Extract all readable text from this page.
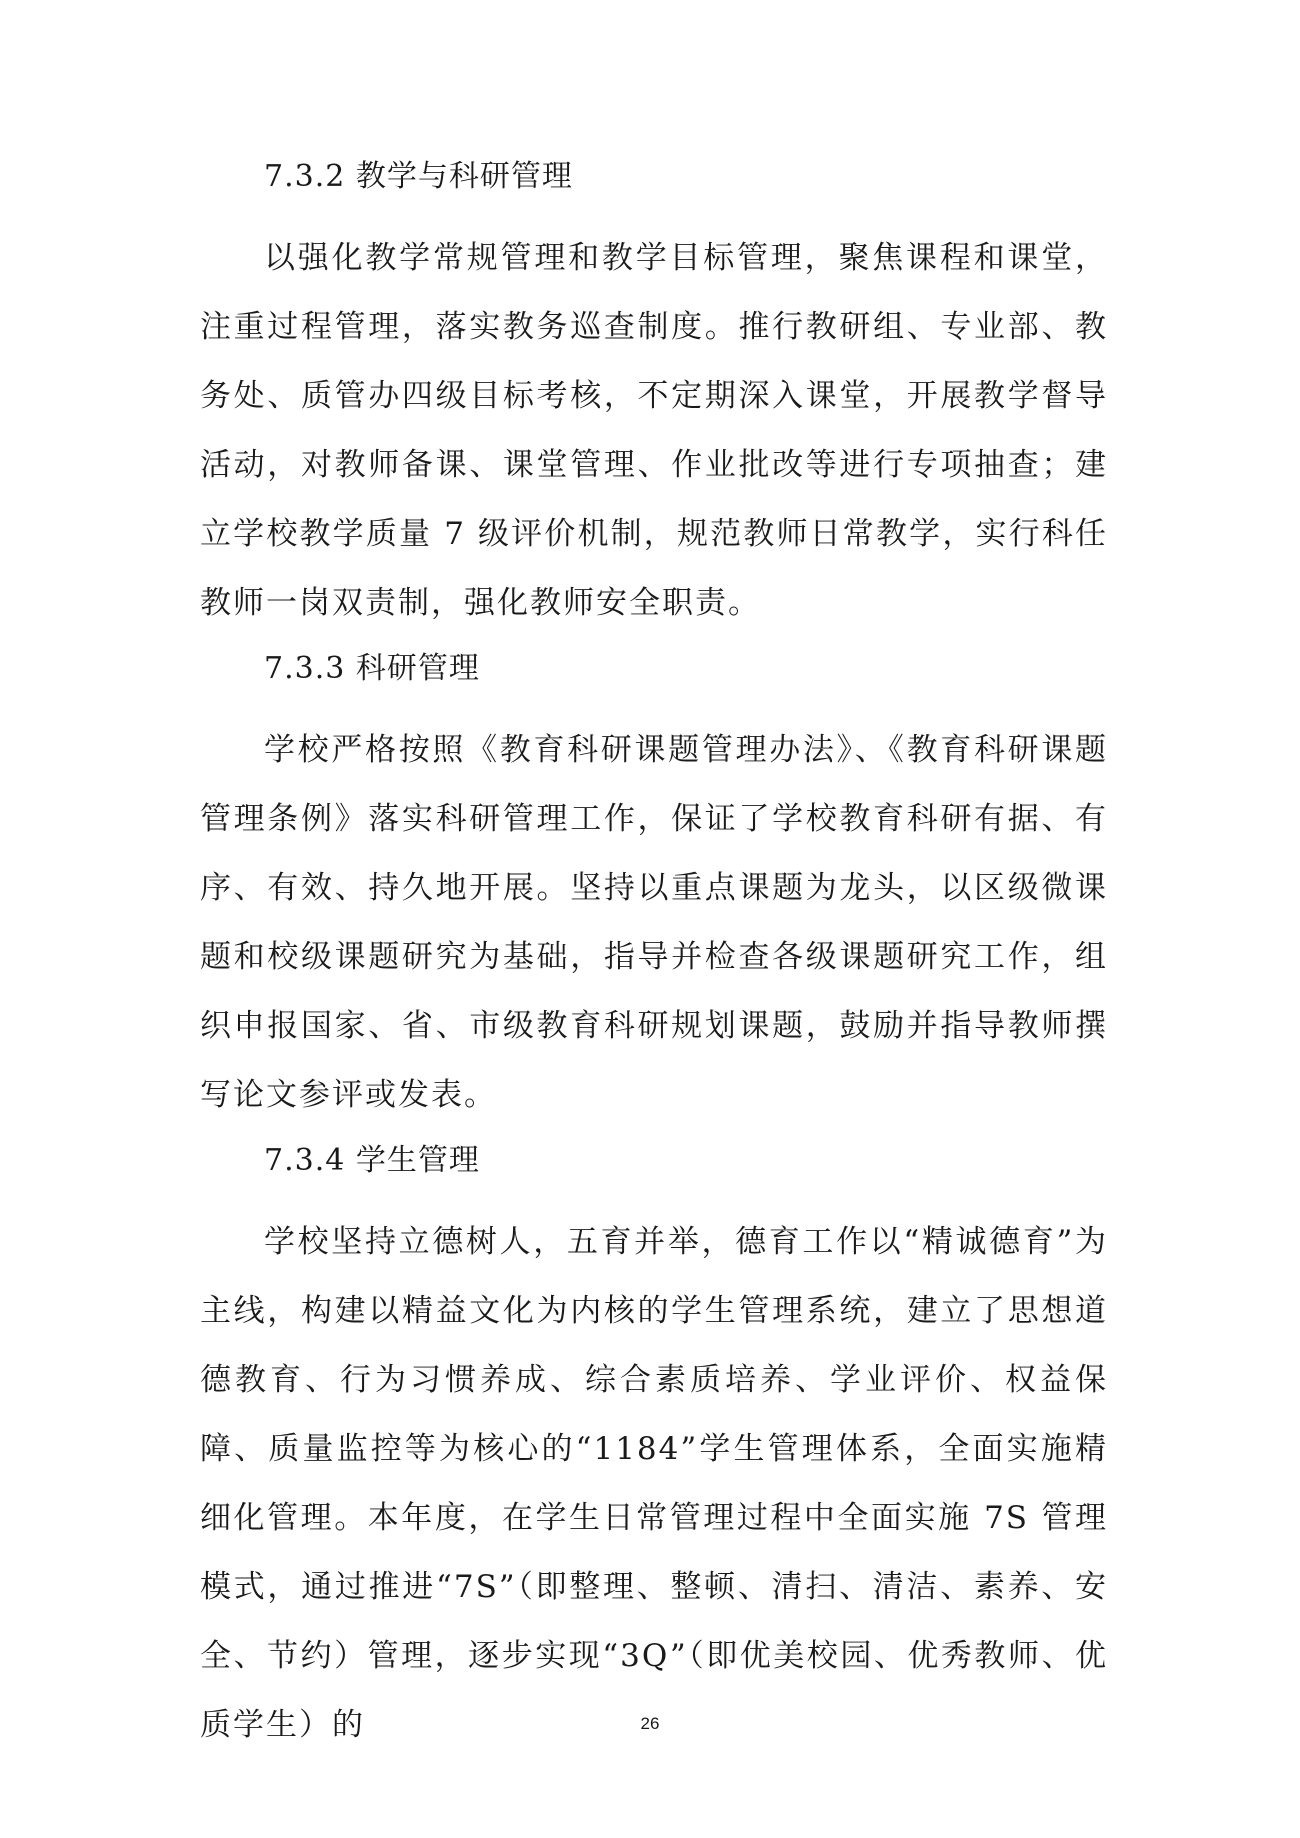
7.3.2 教学与科研管理

以强化教学常规管理和教学目标管理，聚焦课程和课堂，注重过程管理，落实教务巡查制度。推行教研组、专业部、教务处、质管办四级目标考核，不定期深入课堂，开展教学督导活动，对教师备课、课堂管理、作业批改等进行专项抽查；建立学校教学质量 7 级评价机制，规范教师日常教学，实行科任教师一岗双责制，强化教师安全职责。

7.3.3 科研管理

学校严格按照《教育科研课题管理办法》、《教育科研课题管理条例》落实科研管理工作，保证了学校教育科研有据、有序、有效、持久地开展。坚持以重点课题为龙头，以区级微课题和校级课题研究为基础，指导并检查各级课题研究工作，组织申报国家、省、市级教育科研规划课题，鼓励并指导教师撰写论文参评或发表。

7.3.4 学生管理

学校坚持立德树人，五育并举，德育工作以“精诚德育”为主线，构建以精益文化为内核的学生管理系统，建立了思想道德教育、行为习惯养成、综合素质培养、学业评价、权益保障、质量监控等为核心的“1184”学生管理体系，全面实施精细化管理。本年度，在学生日常管理过程中全面实施 7S 管理模式，通过推进“7S”（即整理、整顿、清扫、清洁、素养、安全、节约）管理，逐步实现“3Q”（即优美校园、优秀教师、优质学生）的	26
